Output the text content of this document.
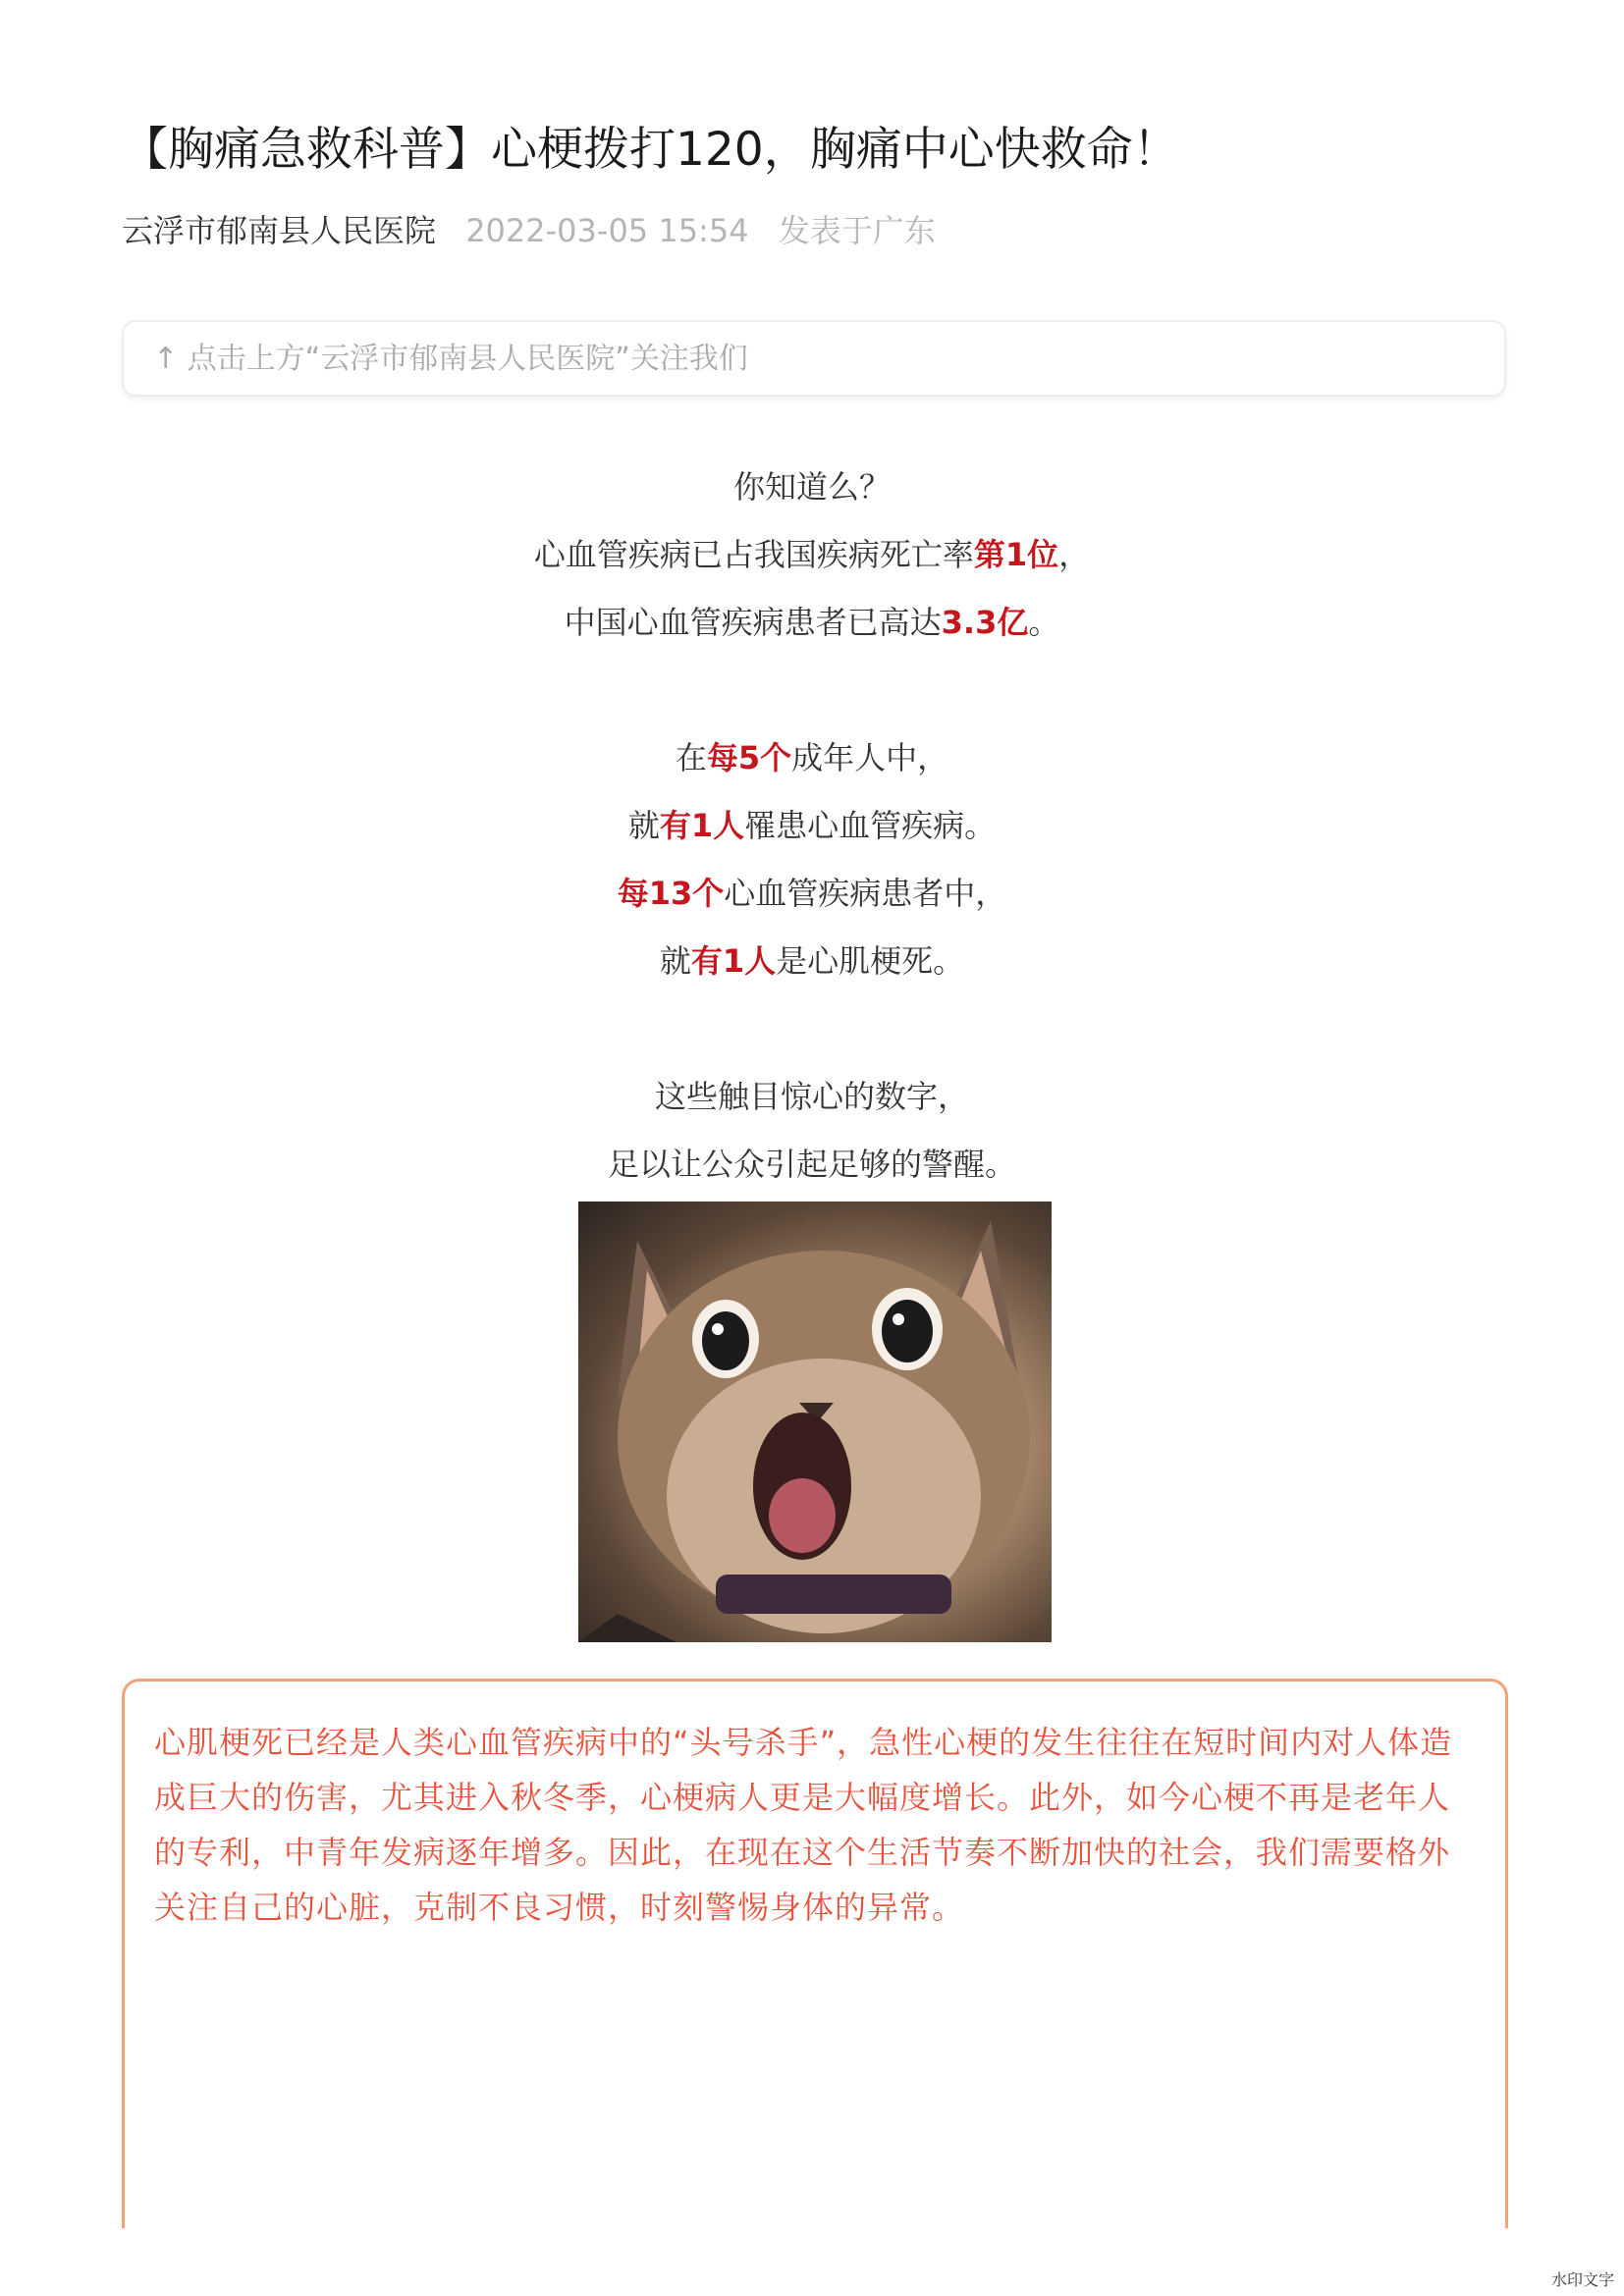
【胸痛急救科普】心梗拨打120，胸痛中心快救命！
云浮市郁南县人民医院 2022-03-05 15:54 发表于广东
↑ 点击上方“云浮市郁南县人民医院”关注我们

你知道么？

心血管疾病已占我国疾病死亡率第1位，

中国心血管疾病患者已高达3.3亿。

在每5个成年人中，

就有1人罹患心血管疾病。

每13个心血管疾病患者中，

就有1人是心肌梗死。

这些触目惊心的数字，

足以让公众引起足够的警醒。

心肌梗死已经是人类心血管疾病中的“头号杀手”，急性心梗的发生往往在短时间内对人体造成巨大的伤害，尤其进入秋冬季，心梗病人更是大幅度增长。此外，如今心梗不再是老年人的专利，中青年发病逐年增多。因此，在现在这个生活节奏不断加快的社会，我们需要格外关注自己的心脏，克制不良习惯，时刻警惕身体的异常。
水印文字
